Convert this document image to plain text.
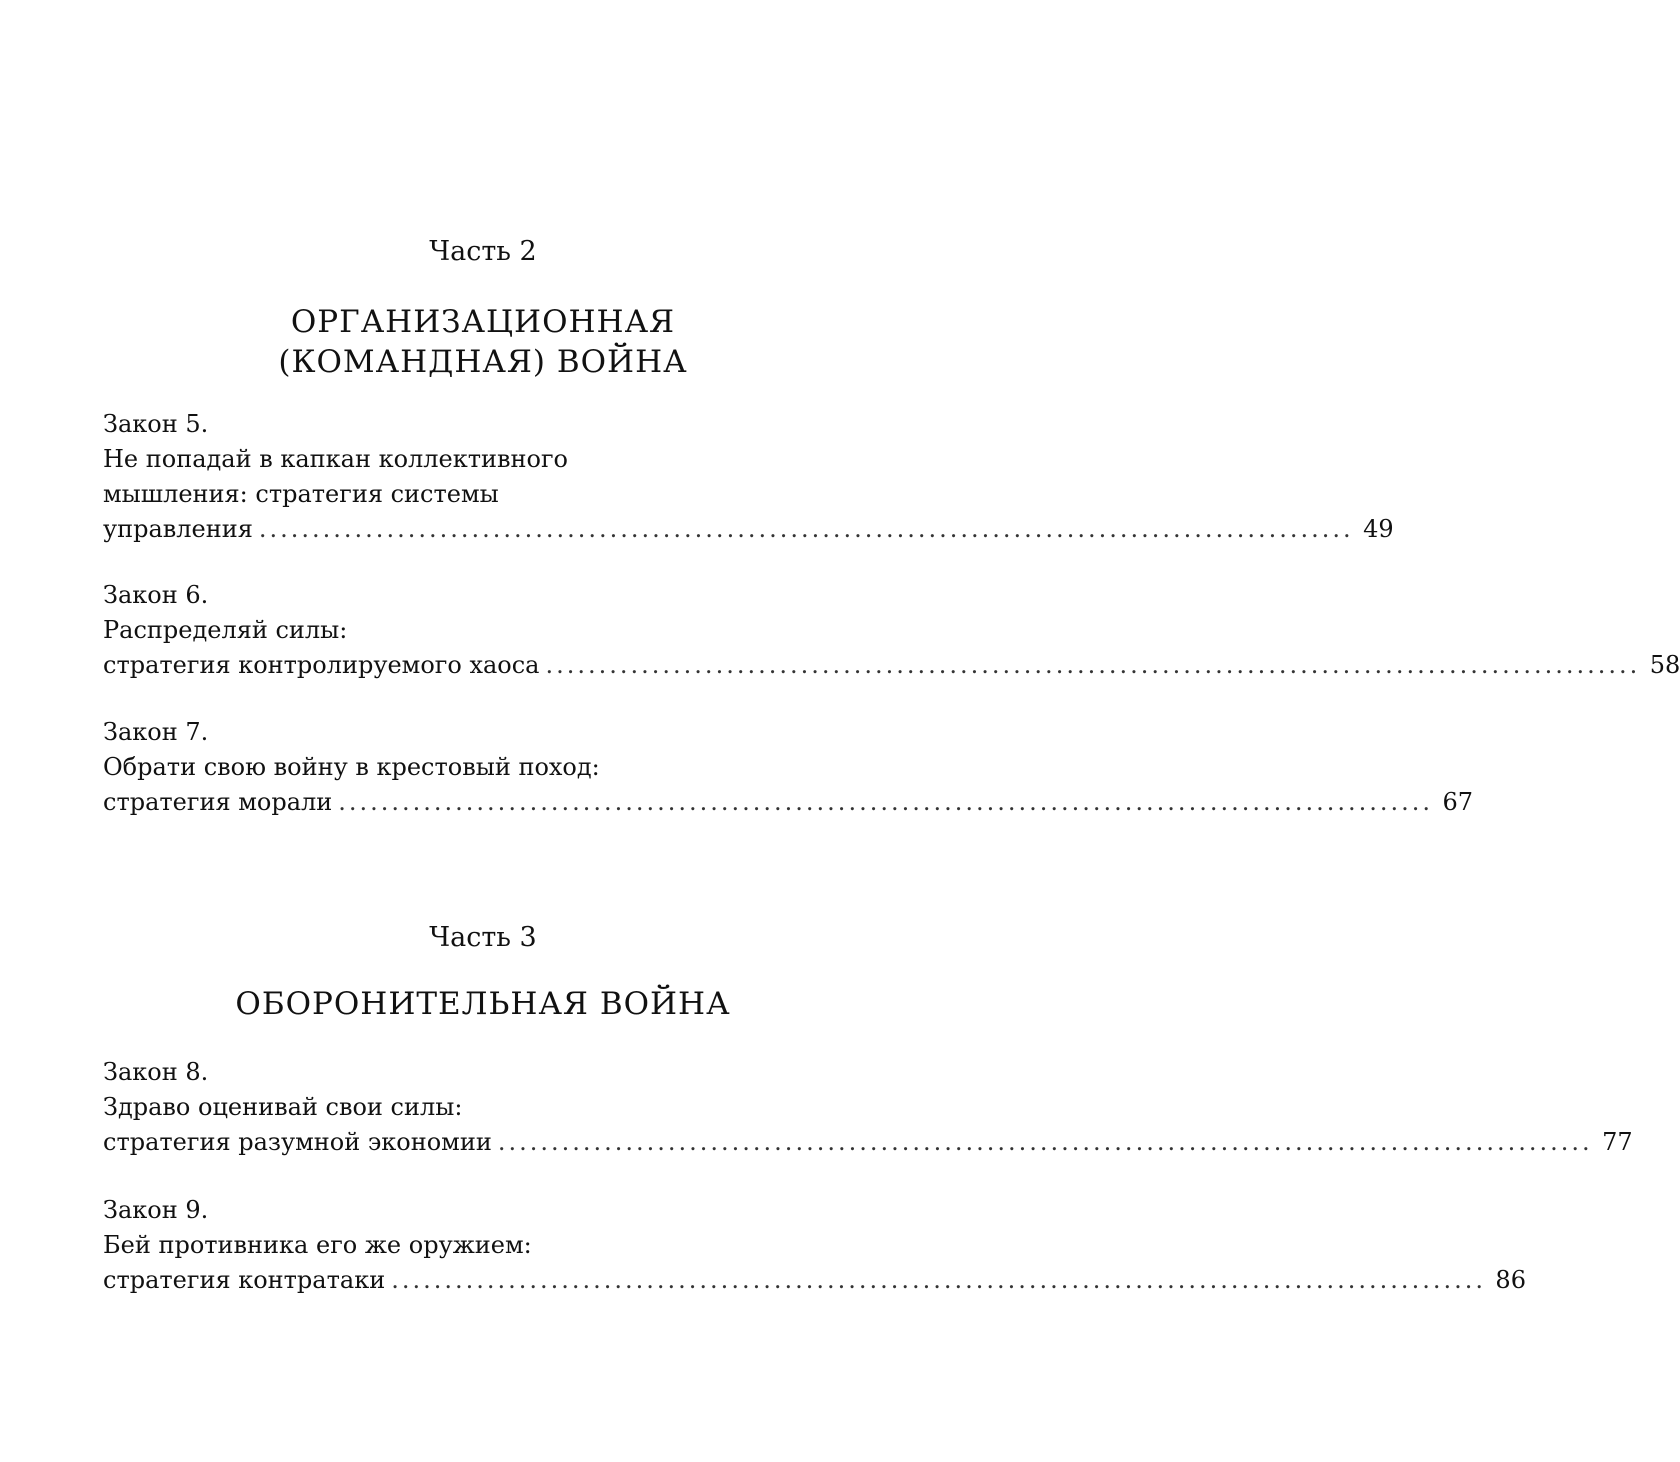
Часть 2
ОРГАНИЗАЦИОННАЯ
(КОМАНДНАЯ) ВОЙНА
Закон 5.
Не попадай в капкан коллективного
мышления: стратегия системы
управления ....................................................................................................... 49
Закон 6.
Распределяй силы:
стратегия контролируемого хаоса ....................................................................................................... 58
Закон 7.
Обрати свою войну в крестовый поход:
стратегия морали ....................................................................................................... 67
Часть 3
ОБОРОНИТЕЛЬНАЯ ВОЙНА
Закон 8.
Здраво оценивай свои силы:
стратегия разумной экономии ....................................................................................................... 77
Закон 9.
Бей противника его же оружием:
стратегия контратаки ....................................................................................................... 86
